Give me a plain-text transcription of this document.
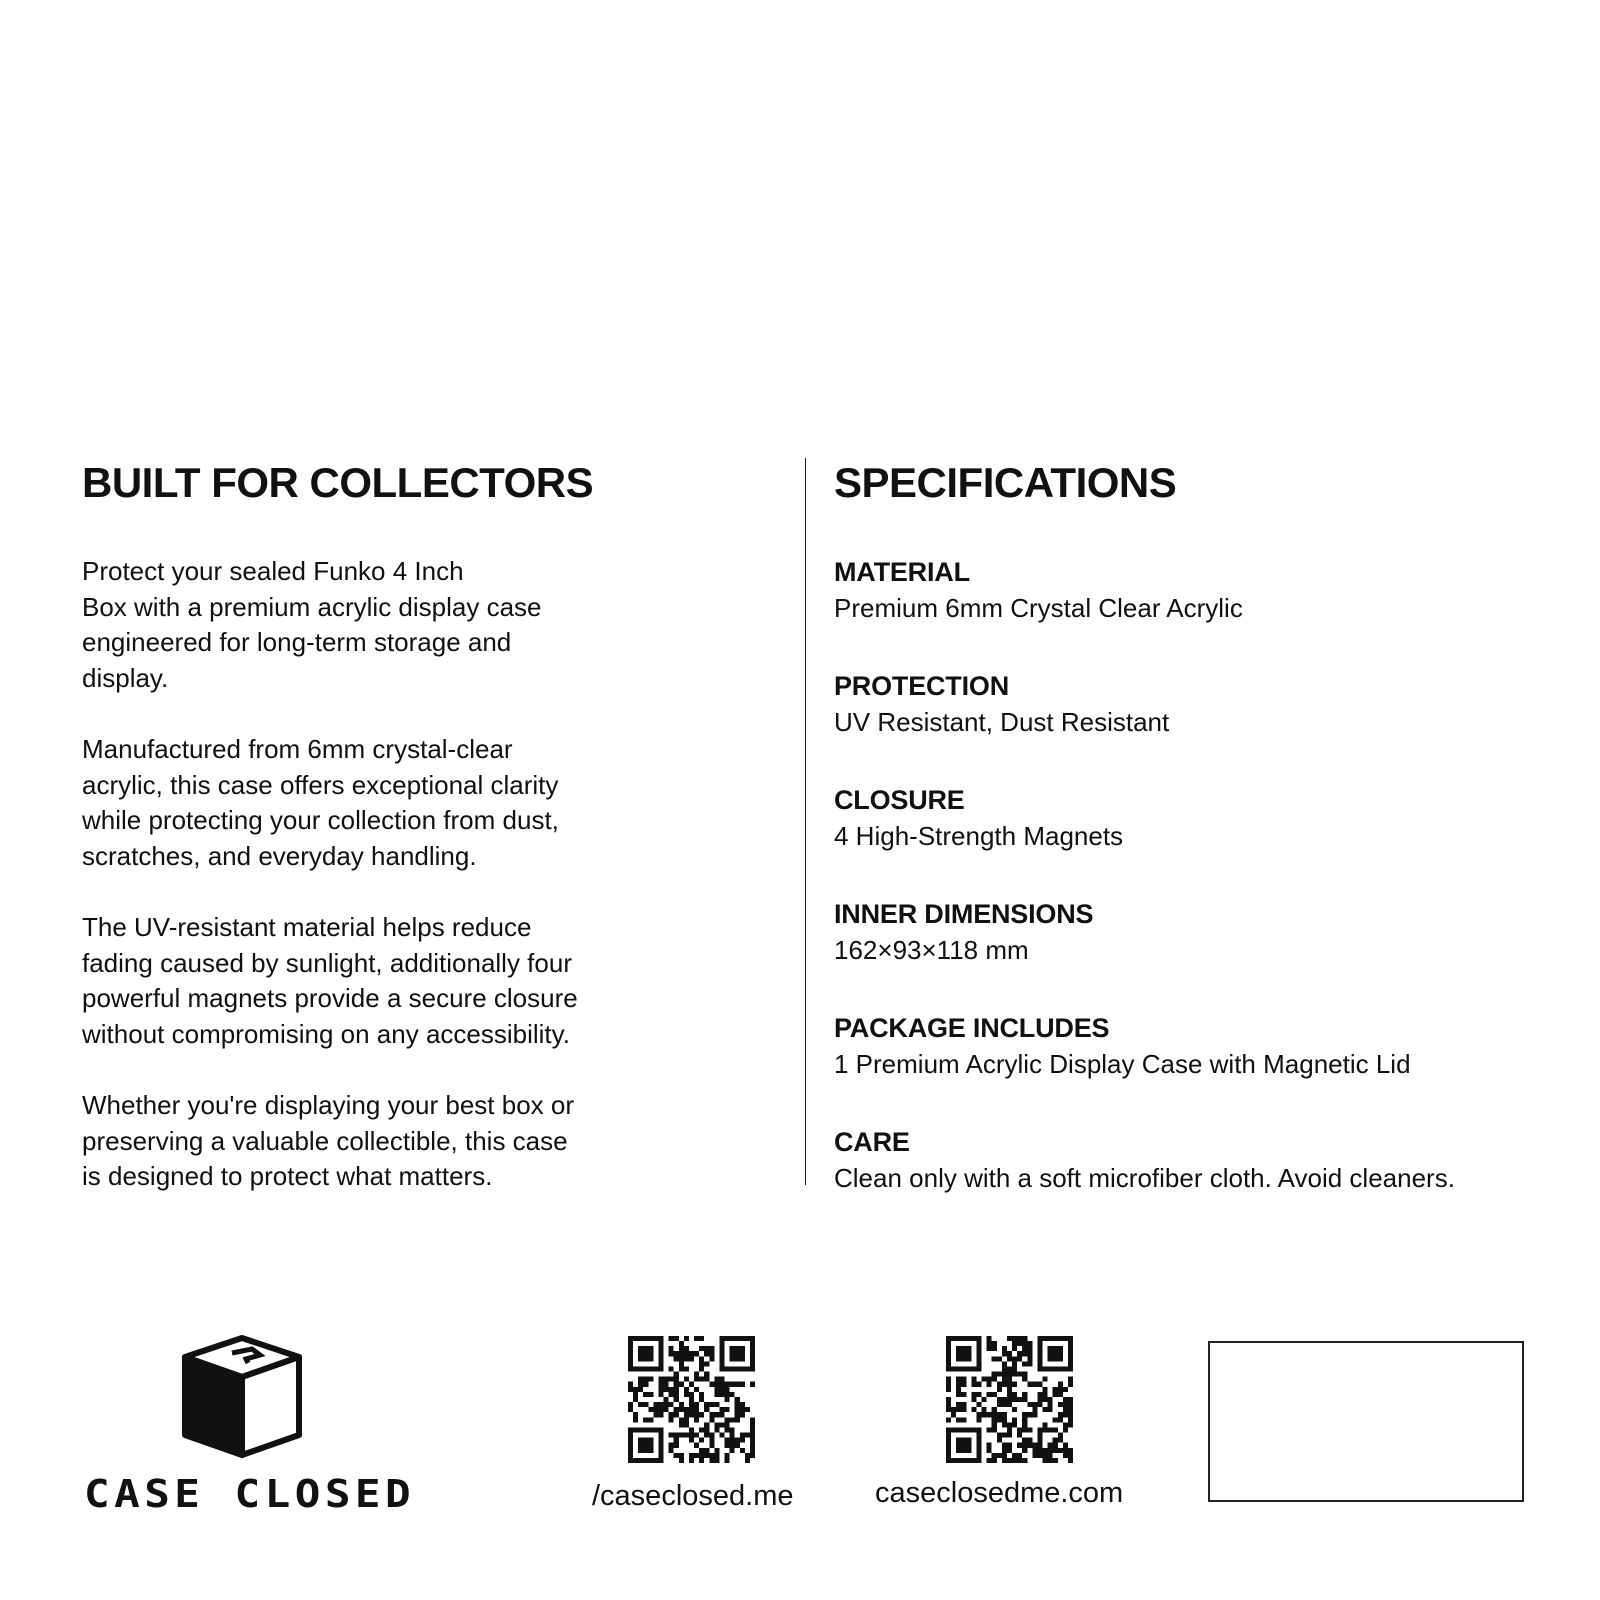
BUILT FOR COLLECTORS

Protect your sealed Funko 4 Inch
Box with a premium acrylic display case
engineered for long-term storage and
display.

Manufactured from 6mm crystal-clear
acrylic, this case offers exceptional clarity
while protecting your collection from dust,
scratches, and everyday handling.

The UV-resistant material helps reduce
fading caused by sunlight, additionally four
powerful magnets provide a secure closure
without compromising on any accessibility.

Whether you're displaying your best box or
preserving a valuable collectible, this case
is designed to protect what matters.

SPECIFICATIONS
MATERIAL
Premium 6mm Crystal Clear Acrylic
PROTECTION
UV Resistant, Dust Resistant
CLOSURE
4 High-Strength Magnets
INNER DIMENSIONS
162×93×118 mm
PACKAGE INCLUDES
1 Premium Acrylic Display Case with Magnetic Lid
CARE
Clean only with a soft microfiber cloth. Avoid cleaners.
CASE CLOSED	/caseclosed.me	caseclosedme.com
